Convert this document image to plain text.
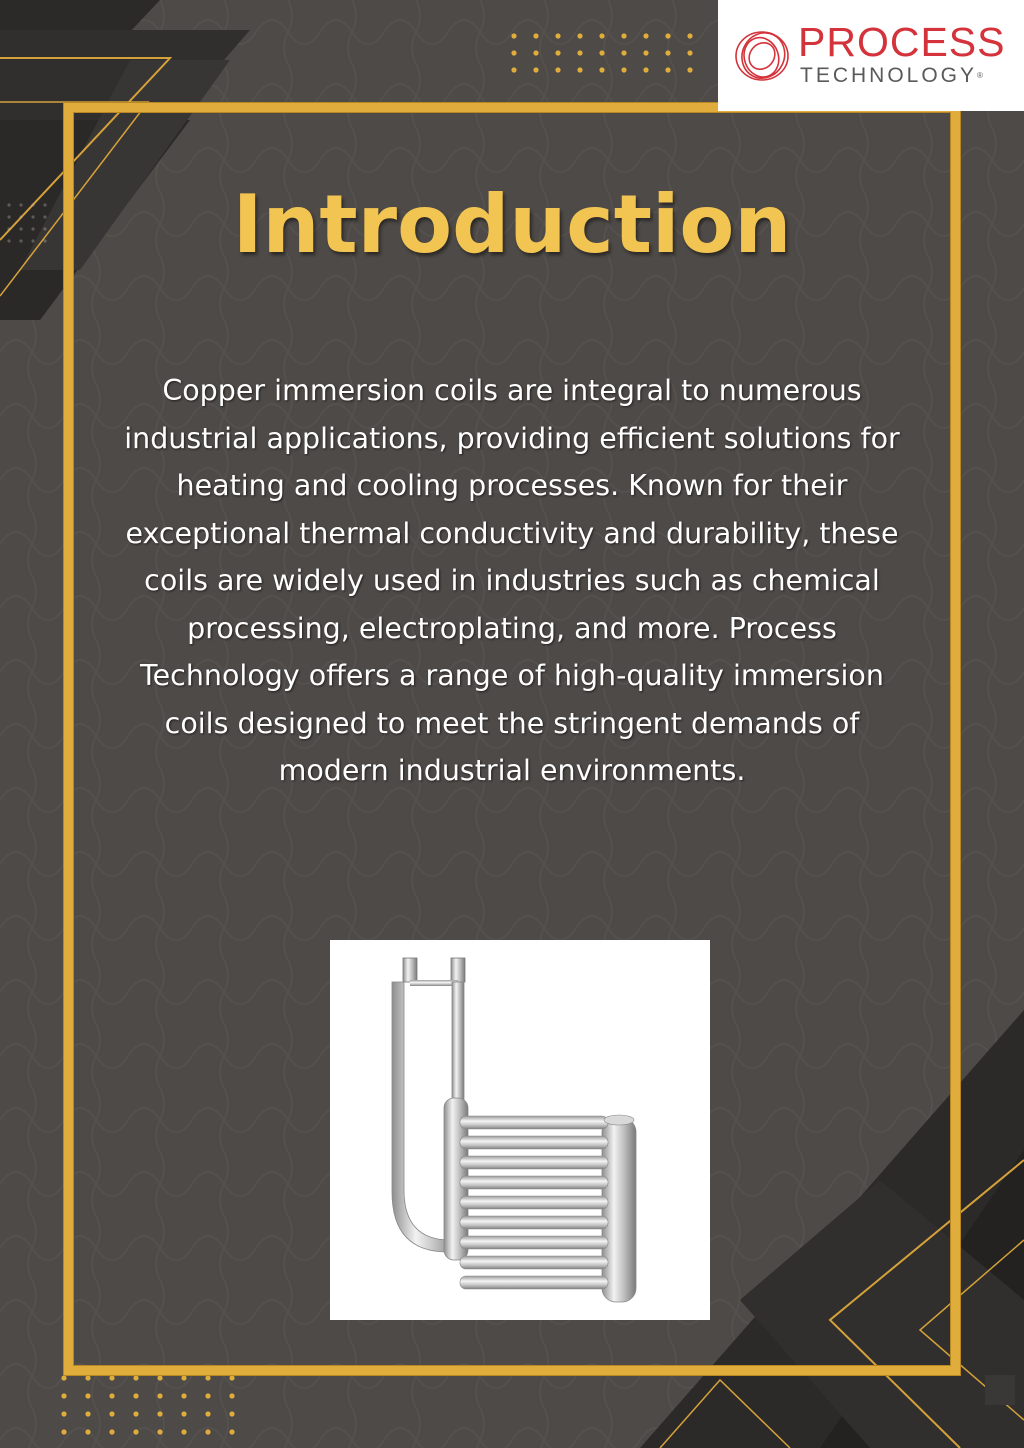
PROCESS
TECHNOLOGY®
Introduction

Copper immersion coils are integral to numerous industrial applications, providing efficient solutions for heating and cooling processes. Known for their exceptional thermal conductivity and durability, these coils are widely used in industries such as chemical processing, electroplating, and more. Process Technology offers a range of high-quality immersion coils designed to meet the stringent demands of modern industrial environments.
